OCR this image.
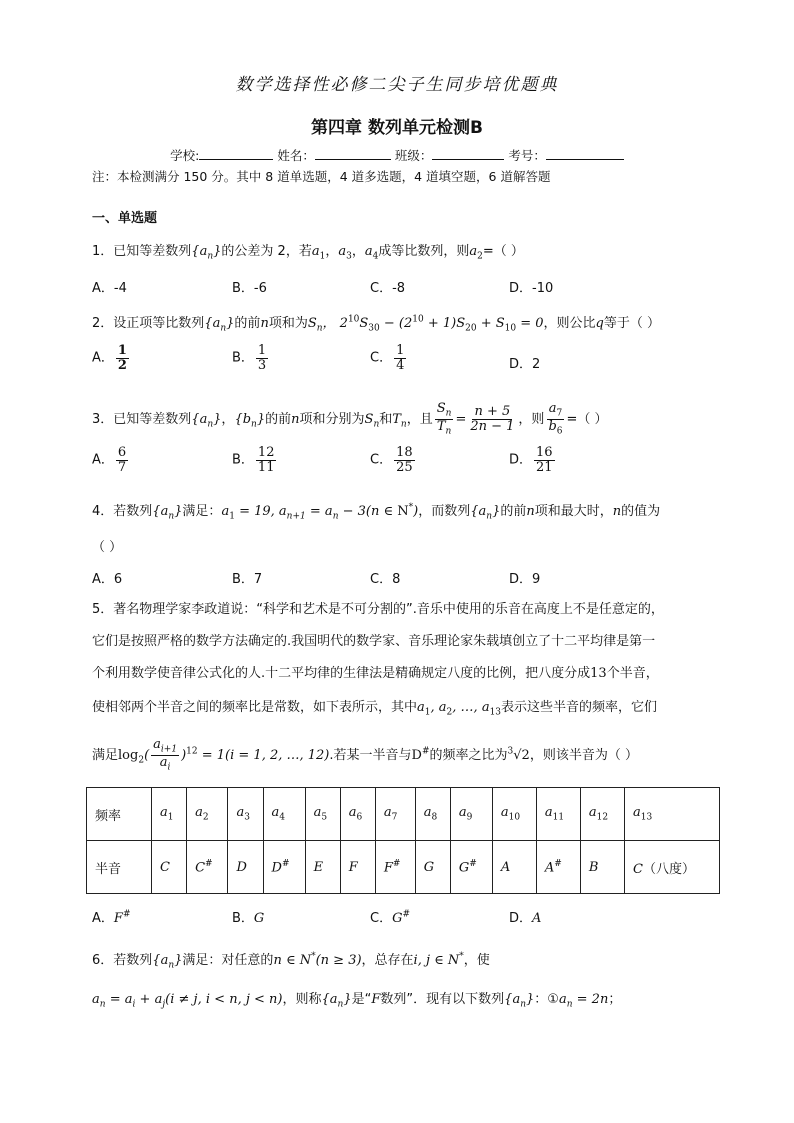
数学选择性必修二尖子生同步培优题典
第四章 数列单元检测B
学校:	姓名：	班级：	考号：
注：本检测满分 150 分。其中 8 道单选题，4 道多选题，4 道填空题，6 道解答题
一、单选题
1．已知等差数列$\{a_n\}$的公差为 2，若$a_1$，$a_3$，$a_4$成等比数列，则$a_2=$（ ）
A．-4	B．-6	C．-8	D．-10
2．设正项等比数列$\{a_n\}$的前n项和为$S_n$， $2^{10}S_{30} - (2^{10} + 1)S_{20} + S_{10} = 0$，则公比q等于（ ）
A． $\frac{1}{2}$	B． $\frac{1}{3}$	C． $\frac{1}{4}$	D．2
3．已知等差数列$\{a_n\}$，$\{b_n\}$的前n项和分别为$S_n$和$T_n$，且 $\frac{S_n}{T_n} = \frac{n + 5}{2n - 1}$ ，则 $\frac{a_7}{b_6}$ =（ ）
A． $\frac{6}{7}$	B． $\frac{12}{11}$	C． $\frac{18}{25}$	D． $\frac{16}{21}$
4．若数列$\{a_n\}$满足：$a_1 = 19$, $a_{n+1} = a_n - 3(n$ ∈ N*)，而数列$\{a_n\}$的前n项和最大时，n的值为
（ ）
A．6	B．7	C．8	D．9
5．著名物理学家李政道说：“科学和艺术是不可分割的”.音乐中使用的乐音在高度上不是任意定的，
它们是按照严格的数学方法确定的.我国明代的数学家、音乐理论家朱载填创立了十二平均律是第一
个利用数学使音律公式化的人.十二平均律的生律法是精确规定八度的比例，把八度分成13个半音，
使相邻两个半音之间的频率比是常数，如下表所示，其中$a_1$, $a_2$, …, $a_{13}$表示这些半音的频率，它们
满足$\log_2( \frac{a_{i+1}}{a_i} )^{12} = 1(i = 1$, 2, …, 12).若某一半音与D#的频率之比为$^3$√2，则该半音为（ ）
频率	$a_1$	$a_2$	$a_3$	$a_4$	$a_5$	$a_6$	$a_7$	$a_8$	$a_9$	$a_{10}$	$a_{11}$	$a_{12}$	$a_{13}$
半音	C	C#	D	D#	E	F	F#	G	G#	A	A#	B	C（八度）
A．F#	B．G	C．G#	D．A
6．若数列$\{a_n\}$满足：对任意的n ∈ N*(n ≥ 3)，总存在i, j ∈ N*，使
$a_n = a_i + a_j(i \ne j$, i < n, j < n)，则称$\{a_n\}$是“F数列”．现有以下数列$\{a_n\}$：$①a_n = 2n$；
